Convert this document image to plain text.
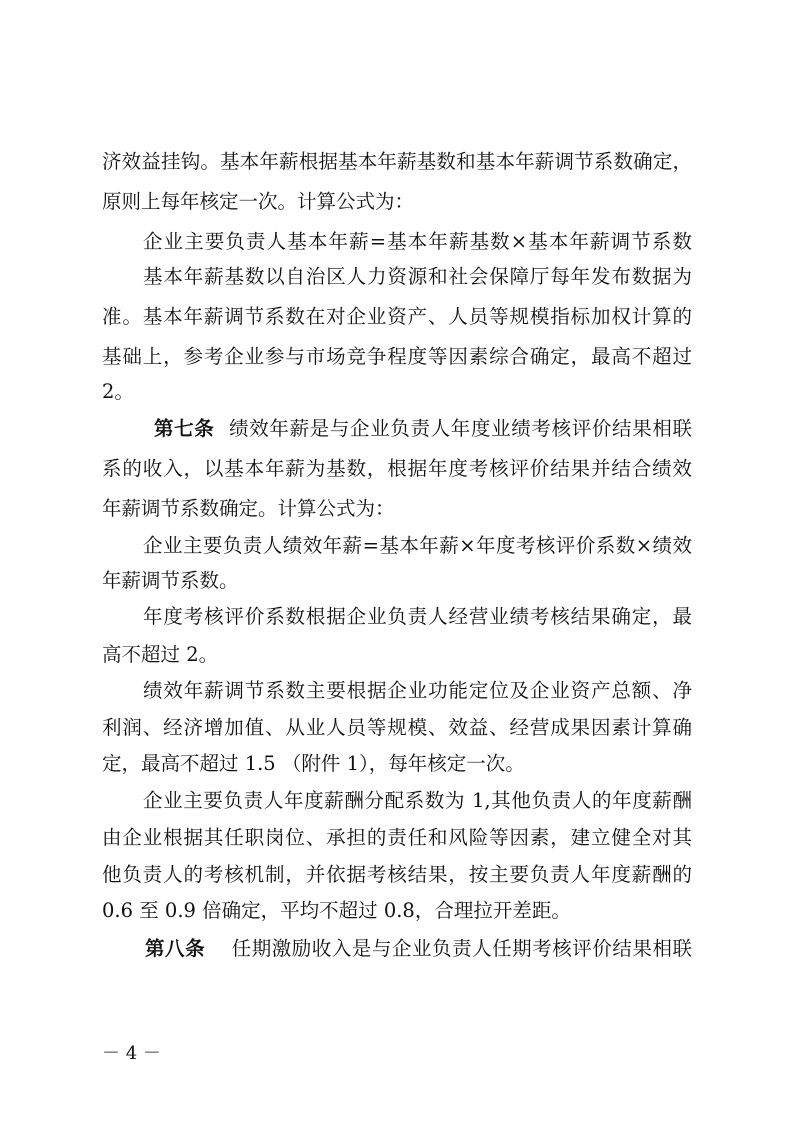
济效益挂钩。基本年薪根据基本年薪基数和基本年薪调节系数确定，
原则上每年核定一次。计算公式为：
企业主要负责人基本年薪=基本年薪基数×基本年薪调节系数
基本年薪基数以自治区人力资源和社会保障厅每年发布数据为
准。基本年薪调节系数在对企业资产、人员等规模指标加权计算的
基础上，参考企业参与市场竞争程度等因素综合确定，最高不超过
2。
第七条 绩效年薪是与企业负责人年度业绩考核评价结果相联
系的收入，以基本年薪为基数，根据年度考核评价结果并结合绩效
年薪调节系数确定。计算公式为：
企业主要负责人绩效年薪=基本年薪×年度考核评价系数×绩效
年薪调节系数。
年度考核评价系数根据企业负责人经营业绩考核结果确定，最
高不超过 2。
绩效年薪调节系数主要根据企业功能定位及企业资产总额、净
利润、经济增加值、从业人员等规模、效益、经营成果因素计算确
定，最高不超过 1.5 （附件 1），每年核定一次。
企业主要负责人年度薪酬分配系数为 1,其他负责人的年度薪酬
由企业根据其任职岗位、承担的责任和风险等因素，建立健全对其
他负责人的考核机制，并依据考核结果，按主要负责人年度薪酬的
0.6 至 0.9 倍确定，平均不超过 0.8，合理拉开差距。
第八条 任期激励收入是与企业负责人任期考核评价结果相联
－ 4 －
